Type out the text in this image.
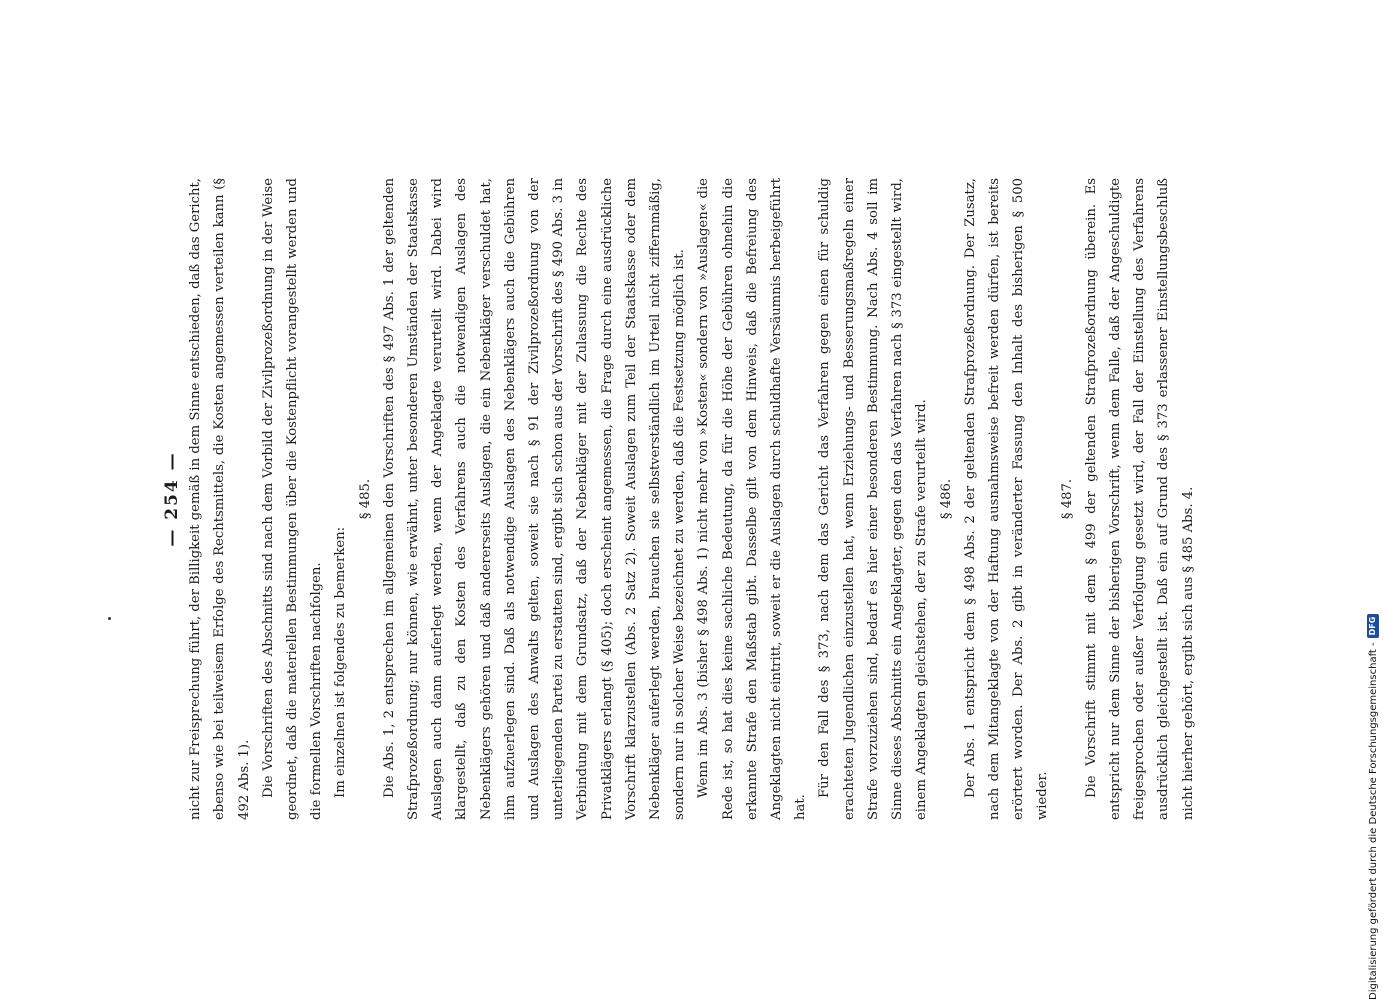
— 254 — nicht zur Freisprechung führt, der Billigkeit gemäß in dem Sinne entschieden, daß das Gericht, ebenso wie bei teilweisem Erfolge des Rechtsmittels, die Kosten angemessen verteilen kann (§ 492 Abs. 1). Die Vorschriften des Abschnitts sind nach dem Vorbild der Zivilprozeßordnung in der Weise geordnet, daß die materiellen Bestimmungen über die Kostenpflicht vorangestellt werden und die formellen Vorschriften nachfolgen. Im einzelnen ist folgendes zu bemerken:

§ 485. Die Abs. 1, 2 entsprechen im allgemeinen den Vorschriften des § 497 Abs. 1 der geltenden Strafprozeßordnung; nur können, wie erwähnt, unter besonderen Umständen der Staatskasse Auslagen auch dann auferlegt werden, wenn der Angeklagte verurteilt wird. Dabei wird klargestellt, daß zu den Kosten des Verfahrens auch die notwendigen Auslagen des Nebenklägers gehören und daß andererseits Auslagen, die ein Nebenkläger verschuldet hat, ihm aufzuerlegen sind. Daß als notwendige Auslagen des Nebenklägers auch die Gebühren und Auslagen des Anwalts gelten, soweit sie nach § 91 der Zivilprozeßordnung von der unterliegenden Partei zu erstatten sind, ergibt sich schon aus der Vorschrift des § 490 Abs. 3 in Verbindung mit dem Grundsatz, daß der Nebenkläger mit der Zulassung die Rechte des Privatklägers erlangt (§ 405); doch erscheint angemessen, die Frage durch eine ausdrückliche Vorschrift klarzustellen (Abs. 2 Satz 2). Soweit Auslagen zum Teil der Staatskasse oder dem Nebenkläger auferlegt werden, brauchen sie selbstverständlich im Urteil nicht ziffernmäßig, sondern nur in solcher Weise bezeichnet zu werden, daß die Festsetzung möglich ist. Wenn im Abs. 3 (bisher § 498 Abs. 1) nicht mehr von »Kosten« sondern von »Auslagen« die Rede ist, so hat dies keine sachliche Bedeutung, da für die Höhe der Gebühren ohnehin die erkannte Strafe den Maßstab gibt. Dasselbe gilt von dem Hinweis, daß die Befreiung des Angeklagten nicht eintritt, soweit er die Auslagen durch schuldhafte Versäumnis herbeigeführt hat.

Für den Fall des § 373, nach dem das Gericht das Verfahren gegen einen für schuldig erachteten Jugendlichen einzustellen hat, wenn Erziehungs- und Besserungsmaßregeln einer Strafe vorzuziehen sind, bedarf es hier einer besonderen Bestimmung. Nach Abs. 4 soll im Sinne dieses Abschnitts ein Angeklagter, gegen den das Verfahren nach § 373 eingestellt wird, einem Angeklagten gleichstehen, der zu Strafe verurteilt wird. § 486. Der Abs. 1 entspricht dem § 498 Abs. 2 der geltenden Strafprozeßordnung. Der Zusatz, nach dem Mitangeklagte von der Haftung ausnahmsweise befreit werden dürfen, ist bereits erörtert worden. Der Abs. 2 gibt in veränderter Fassung den Inhalt des bisherigen § 500 wieder.

§ 487. Die Vorschrift stimmt mit dem § 499 der geltenden Strafprozeßordnung überein. Es entspricht nur dem Sinne der bisherigen Vorschrift, wenn dem Falle, daß der Angeschuldigte freigesprochen oder außer Verfolgung gesetzt wird, der Fall der Einstellung des Verfahrens ausdrücklich gleichgestellt ist. Daß ein auf Grund des § 373 erlassener Einstellungsbeschluß nicht hierher gehört, ergibt sich aus § 485 Abs. 4.	Digitalisierung gefördert durch die Deutsche Forschungsgemeinschaft -
DFG
